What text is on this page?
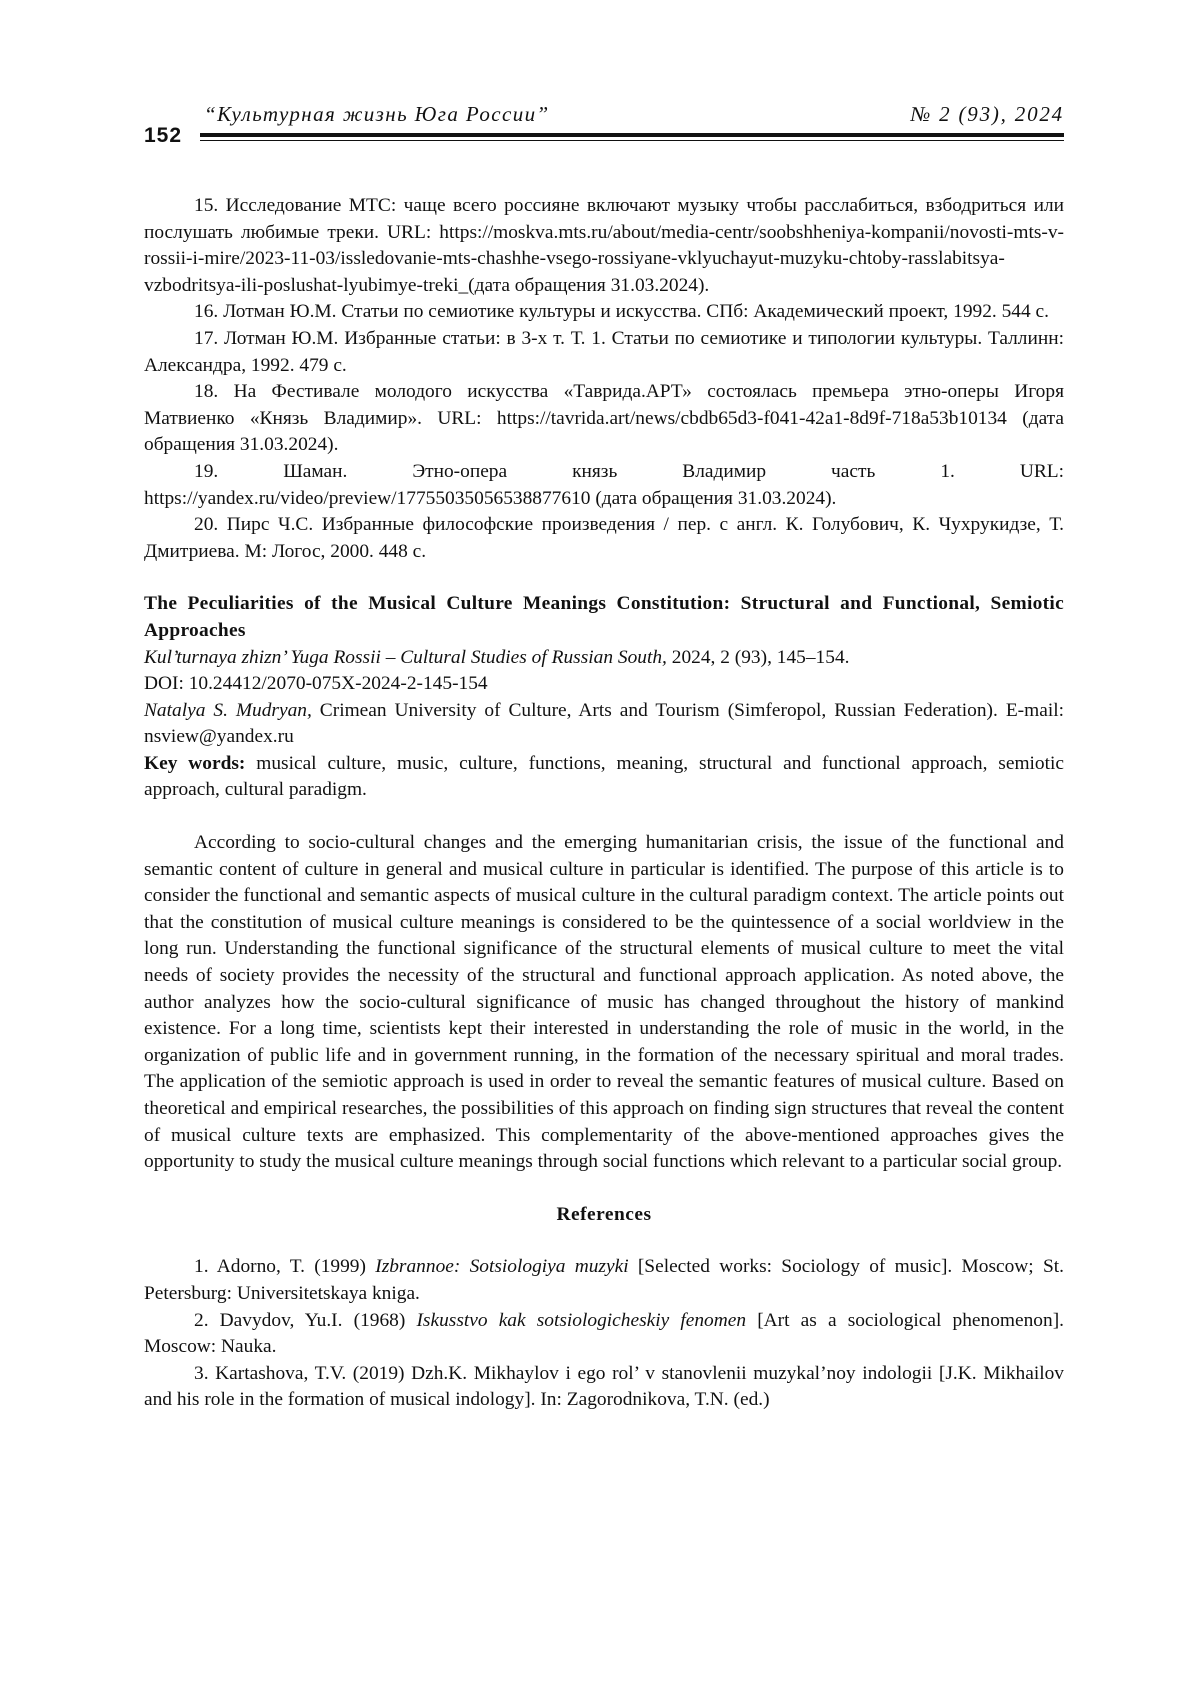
152
“Культурная жизнь Юга России”	№ 2 (93), 2024

15. Исследование МТС: чаще всего россияне включают музыку чтобы расслабиться, взбодриться или послушать любимые треки. URL: https://moskva.mts.ru/about/media-centr/soobshheniya-kompanii/novosti-mts-v-rossii-i-mire/2023-11-03/issledovanie-mts-chashhe-vsego-rossiyane-vklyuchayut-muzyku-chtoby-rasslabitsya-vzbodritsya-ili-poslushat-lyubimye-treki_(дата обращения 31.03.2024).

16. Лотман Ю.М. Статьи по семиотике культуры и искусства. СПб: Академический проект, 1992. 544 с.

17. Лотман Ю.М. Избранные статьи: в 3-х т. Т. 1. Статьи по семиотике и типологии культуры. Таллинн: Александра, 1992. 479 с.

18. На Фестивале молодого искусства «Таврида.АРТ» состоялась премьера этно-оперы Игоря Матвиенко «Князь Владимир». URL: https://tavrida.art/news/cbdb65d3-f041-42a1-8d9f-718a53b10134 (дата обращения 31.03.2024).

19. Шаман. Этно-опера князь Владимир часть 1. URL: https://yandex.ru/video/preview/17755035056538877610 (дата обращения 31.03.2024).

20. Пирс Ч.С. Избранные философские произведения / пер. с англ. К. Голубович, К. Чухрукидзе, Т. Дмитриева. М: Логос, 2000. 448 с.

The Peculiarities of the Musical Culture Meanings Constitution: Structural and Functional, Semiotic Approaches

Kul’turnaya zhizn’ Yuga Rossii – Cultural Studies of Russian South, 2024, 2 (93), 145–154.

DOI: 10.24412/2070-075X-2024-2-145-154

Natalya S. Mudryan, Crimean University of Culture, Arts and Tourism (Simferopol, Russian Federation). E-mail: nsview@yandex.ru

Key words: musical culture, music, culture, functions, meaning, structural and functional approach, semiotic approach, cultural paradigm.

According to socio-cultural changes and the emerging humanitarian crisis, the issue of the functional and semantic content of culture in general and musical culture in particular is identified. The purpose of this article is to consider the functional and semantic aspects of musical culture in the cultural paradigm context. The article points out that the constitution of musical culture meanings is considered to be the quintessence of a social worldview in the long run. Understanding the functional significance of the structural elements of musical culture to meet the vital needs of society provides the necessity of the structural and functional approach application. As noted above, the author analyzes how the socio-cultural significance of music has changed throughout the history of mankind existence. For a long time, scientists kept their interested in understanding the role of music in the world, in the organization of public life and in government running, in the formation of the necessary spiritual and moral trades. The application of the semiotic approach is used in order to reveal the semantic features of musical culture. Based on theoretical and empirical researches, the possibilities of this approach on finding sign structures that reveal the content of musical culture texts are emphasized. This complementarity of the above-mentioned approaches gives the opportunity to study the musical culture meanings through social functions which relevant to a particular social group.

References

1. Adorno, T. (1999) Izbrannoe: Sotsiologiya muzyki [Selected works: Sociology of music]. Moscow; St. Petersburg: Universitetskaya kniga.

2. Davydov, Yu.I. (1968) Iskusstvo kak sotsiologicheskiy fenomen [Art as a sociological phenomenon]. Moscow: Nauka.

3. Kartashova, T.V. (2019) Dzh.K. Mikhaylov i ego rol’ v stanovlenii muzykal’noy indologii [J.K. Mikhailov and his role in the formation of musical indology]. In: Zagorodnikova, T.N. (ed.)
